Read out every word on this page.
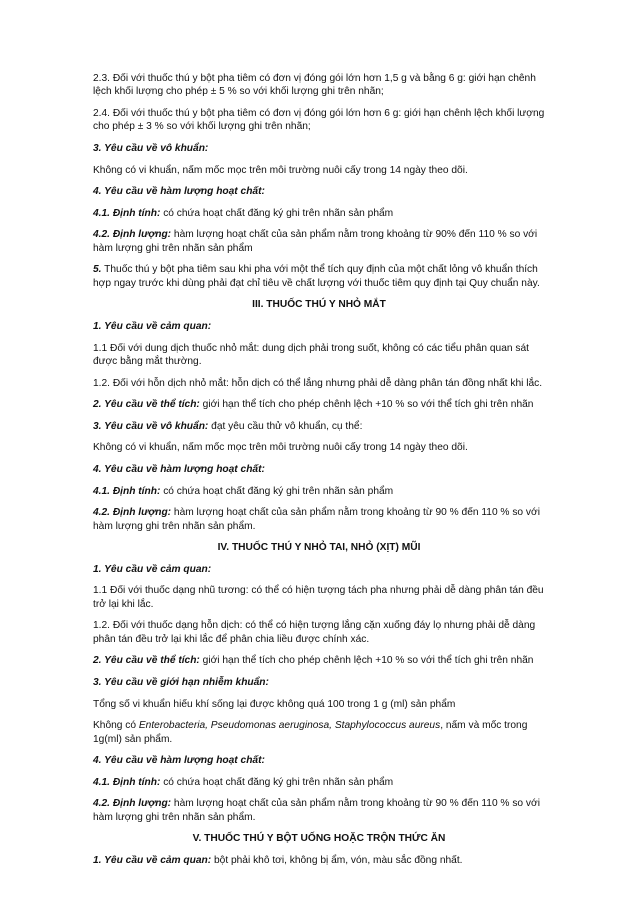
2.3. Đối với thuốc thú y bột pha tiêm có đơn vị đóng gói lớn hơn 1,5 g và bằng 6 g: giới hạn chênh lệch khối lượng cho phép ± 5 % so với khối lượng ghi trên nhãn;

2.4. Đối với thuốc thú y bột pha tiêm có đơn vị đóng gói lớn hơn 6 g: giới hạn chênh lệch khối lượng cho phép ± 3 % so với khối lượng ghi trên nhãn;

3. Yêu cầu về vô khuẩn:

Không có vi khuẩn, nấm mốc mọc trên môi trường nuôi cấy trong 14 ngày theo dõi.

4. Yêu cầu về hàm lượng hoạt chất:

4.1. Định tính: có chứa hoạt chất đăng ký ghi trên nhãn sản phẩm

4.2. Định lượng: hàm lượng hoạt chất của sản phẩm nằm trong khoảng từ 90% đến 110 % so với hàm lượng ghi trên nhãn sản phẩm

5. Thuốc thú y bột pha tiêm sau khi pha với một thể tích quy định của một chất lỏng vô khuẩn thích hợp ngay trước khi dùng phải đạt chỉ tiêu về chất lượng với thuốc tiêm quy định tại Quy chuẩn này.

III. THUỐC THÚ Y NHỎ MẮT

1. Yêu cầu về cảm quan:

1.1 Đối với dung dịch thuốc nhỏ mắt: dung dịch phải trong suốt, không có các tiểu phân quan sát được bằng mắt thường.

1.2. Đối với hỗn dịch nhỏ mắt: hỗn dịch có thể lắng nhưng phải dễ dàng phân tán đồng nhất khi lắc.

2. Yêu cầu về thể tích: giới hạn thể tích cho phép chênh lệch +10 % so với thể tích ghi trên nhãn

3. Yêu cầu về vô khuẩn: đạt yêu cầu thử vô khuẩn, cụ thể:

Không có vi khuẩn, nấm mốc mọc trên môi trường nuôi cấy trong 14 ngày theo dõi.

4. Yêu cầu về hàm lượng hoạt chất:

4.1. Định tính: có chứa hoạt chất đăng ký ghi trên nhãn sản phẩm

4.2. Định lượng: hàm lượng hoạt chất của sản phẩm nằm trong khoảng từ 90 % đến 110 % so với hàm lượng ghi trên nhãn sản phẩm.

IV. THUỐC THÚ Y NHỎ TAI, NHỎ (XỊT) MŨI

1. Yêu cầu về cảm quan:

1.1 Đối với thuốc dạng nhũ tương: có thể có hiện tượng tách pha nhưng phải dễ dàng phân tán đều trở lại khi lắc.

1.2. Đối với thuốc dạng hỗn dịch: có thể có hiện tượng lắng cặn xuống đáy lọ nhưng phải dễ dàng phân tán đều trở lại khi lắc để phân chia liều được chính xác.

2. Yêu cầu về thể tích: giới hạn thể tích cho phép chênh lệch +10 % so với thể tích ghi trên nhãn

3. Yêu cầu về giới hạn nhiễm khuẩn:

Tổng số vi khuẩn hiếu khí sống lại được không quá 100 trong 1 g (ml) sản phẩm

Không có Enterobacteria, Pseudomonas aeruginosa, Staphylococcus aureus, nấm và mốc trong 1g(ml) sản phẩm.

4. Yêu cầu về hàm lượng hoạt chất:

4.1. Định tính: có chứa hoạt chất đăng ký ghi trên nhãn sản phẩm

4.2. Định lượng: hàm lượng hoạt chất của sản phẩm nằm trong khoảng từ 90 % đến 110 % so với hàm lượng ghi trên nhãn sản phẩm.

V. THUỐC THÚ Y BỘT UỐNG HOẶC TRỘN THỨC ĂN

1. Yêu cầu về cảm quan: bột phải khô tơi, không bị ẩm, vón, màu sắc đồng nhất.
